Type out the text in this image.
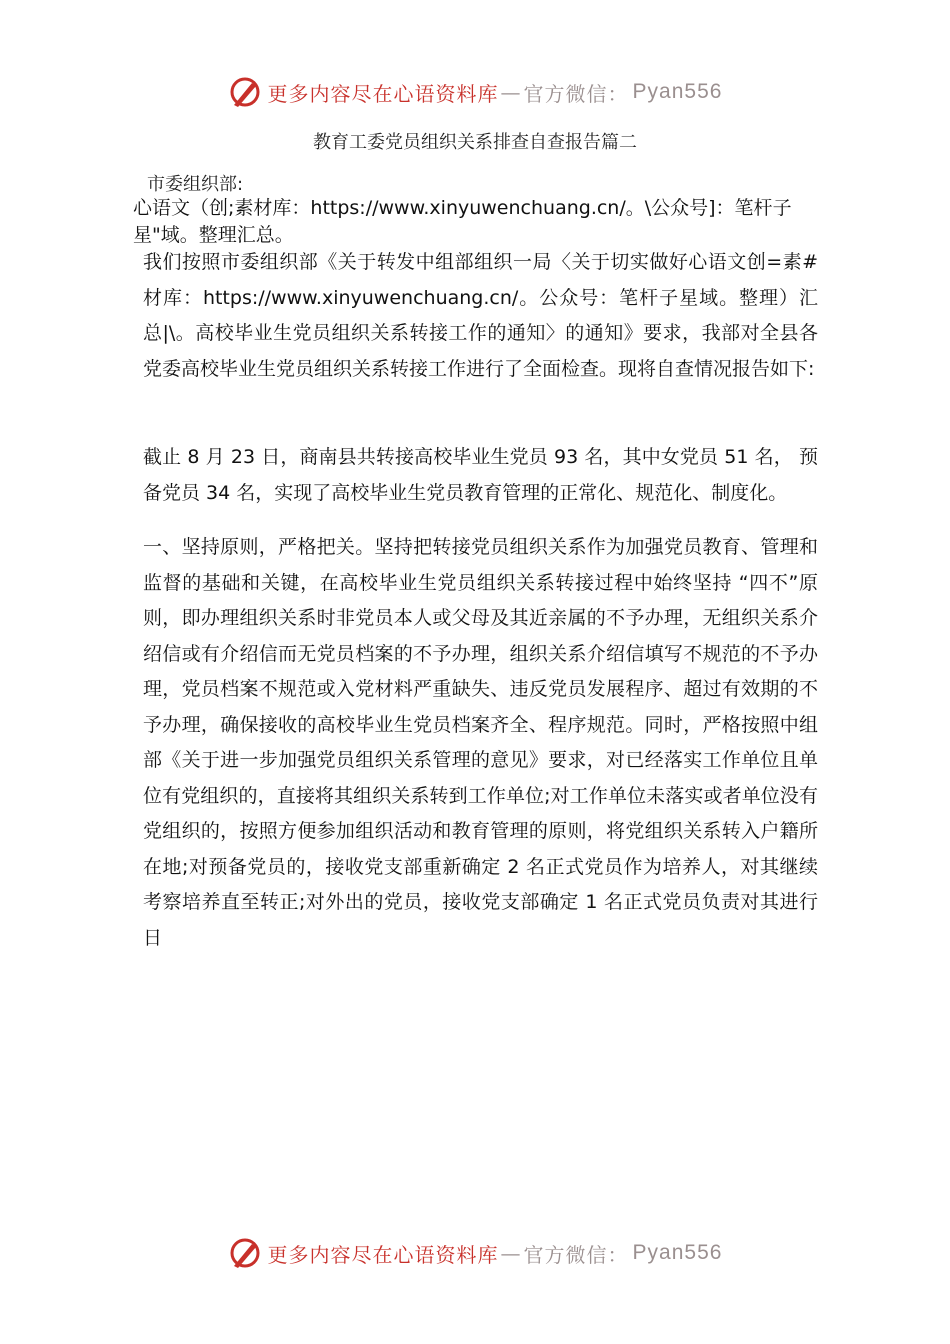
更多内容尽在心语资料库 — 官方微信： Pyan556
教育工委党员组织关系排查自查报告篇二
市委组织部:
心语文（创;素材库：https://www.xinyuwenchuang.cn/。\公众号]：笔杆子星"域。整理汇总。

我们按照市委组织部《关于转发中组部组织一局〈关于切实做好心语文创=素#材库：https://www.xinyuwenchuang.cn/。公众号：笔杆子星域。整理）汇总|\。高校毕业生党员组织关系转接工作的通知〉的通知》要求，我部对全县各党委高校毕业生党员组织关系转接工作进行了全面检查。现将自查情况报告如下:

截止 8 月 23 日，商南县共转接高校毕业生党员 93 名，其中女党员 51 名， 预备党员 34 名，实现了高校毕业生党员教育管理的正常化、规范化、制度化。

一、坚持原则，严格把关。坚持把转接党员组织关系作为加强党员教育、管理和监督的基础和关键，在高校毕业生党员组织关系转接过程中始终坚持 “四不”原则，即办理组织关系时非党员本人或父母及其近亲属的不予办理，无组织关系介绍信或有介绍信而无党员档案的不予办理，组织关系介绍信填写不规范的不予办理，党员档案不规范或入党材料严重缺失、违反党员发展程序、超过有效期的不予办理，确保接收的高校毕业生党员档案齐全、程序规范。同时，严格按照中组部《关于进一步加强党员组织关系管理的意见》要求，对已经落实工作单位且单位有党组织的，直接将其组织关系转到工作单位;对工作单位未落实或者单位没有党组织的，按照方便参加组织活动和教育管理的原则，将党组织关系转入户籍所在地;对预备党员的，接收党支部重新确定 2 名正式党员作为培养人，对其继续考察培养直至转正;对外出的党员，接收党支部确定 1 名正式党员负责对其进行日

更多内容尽在心语资料库 — 官方微信： Pyan556
